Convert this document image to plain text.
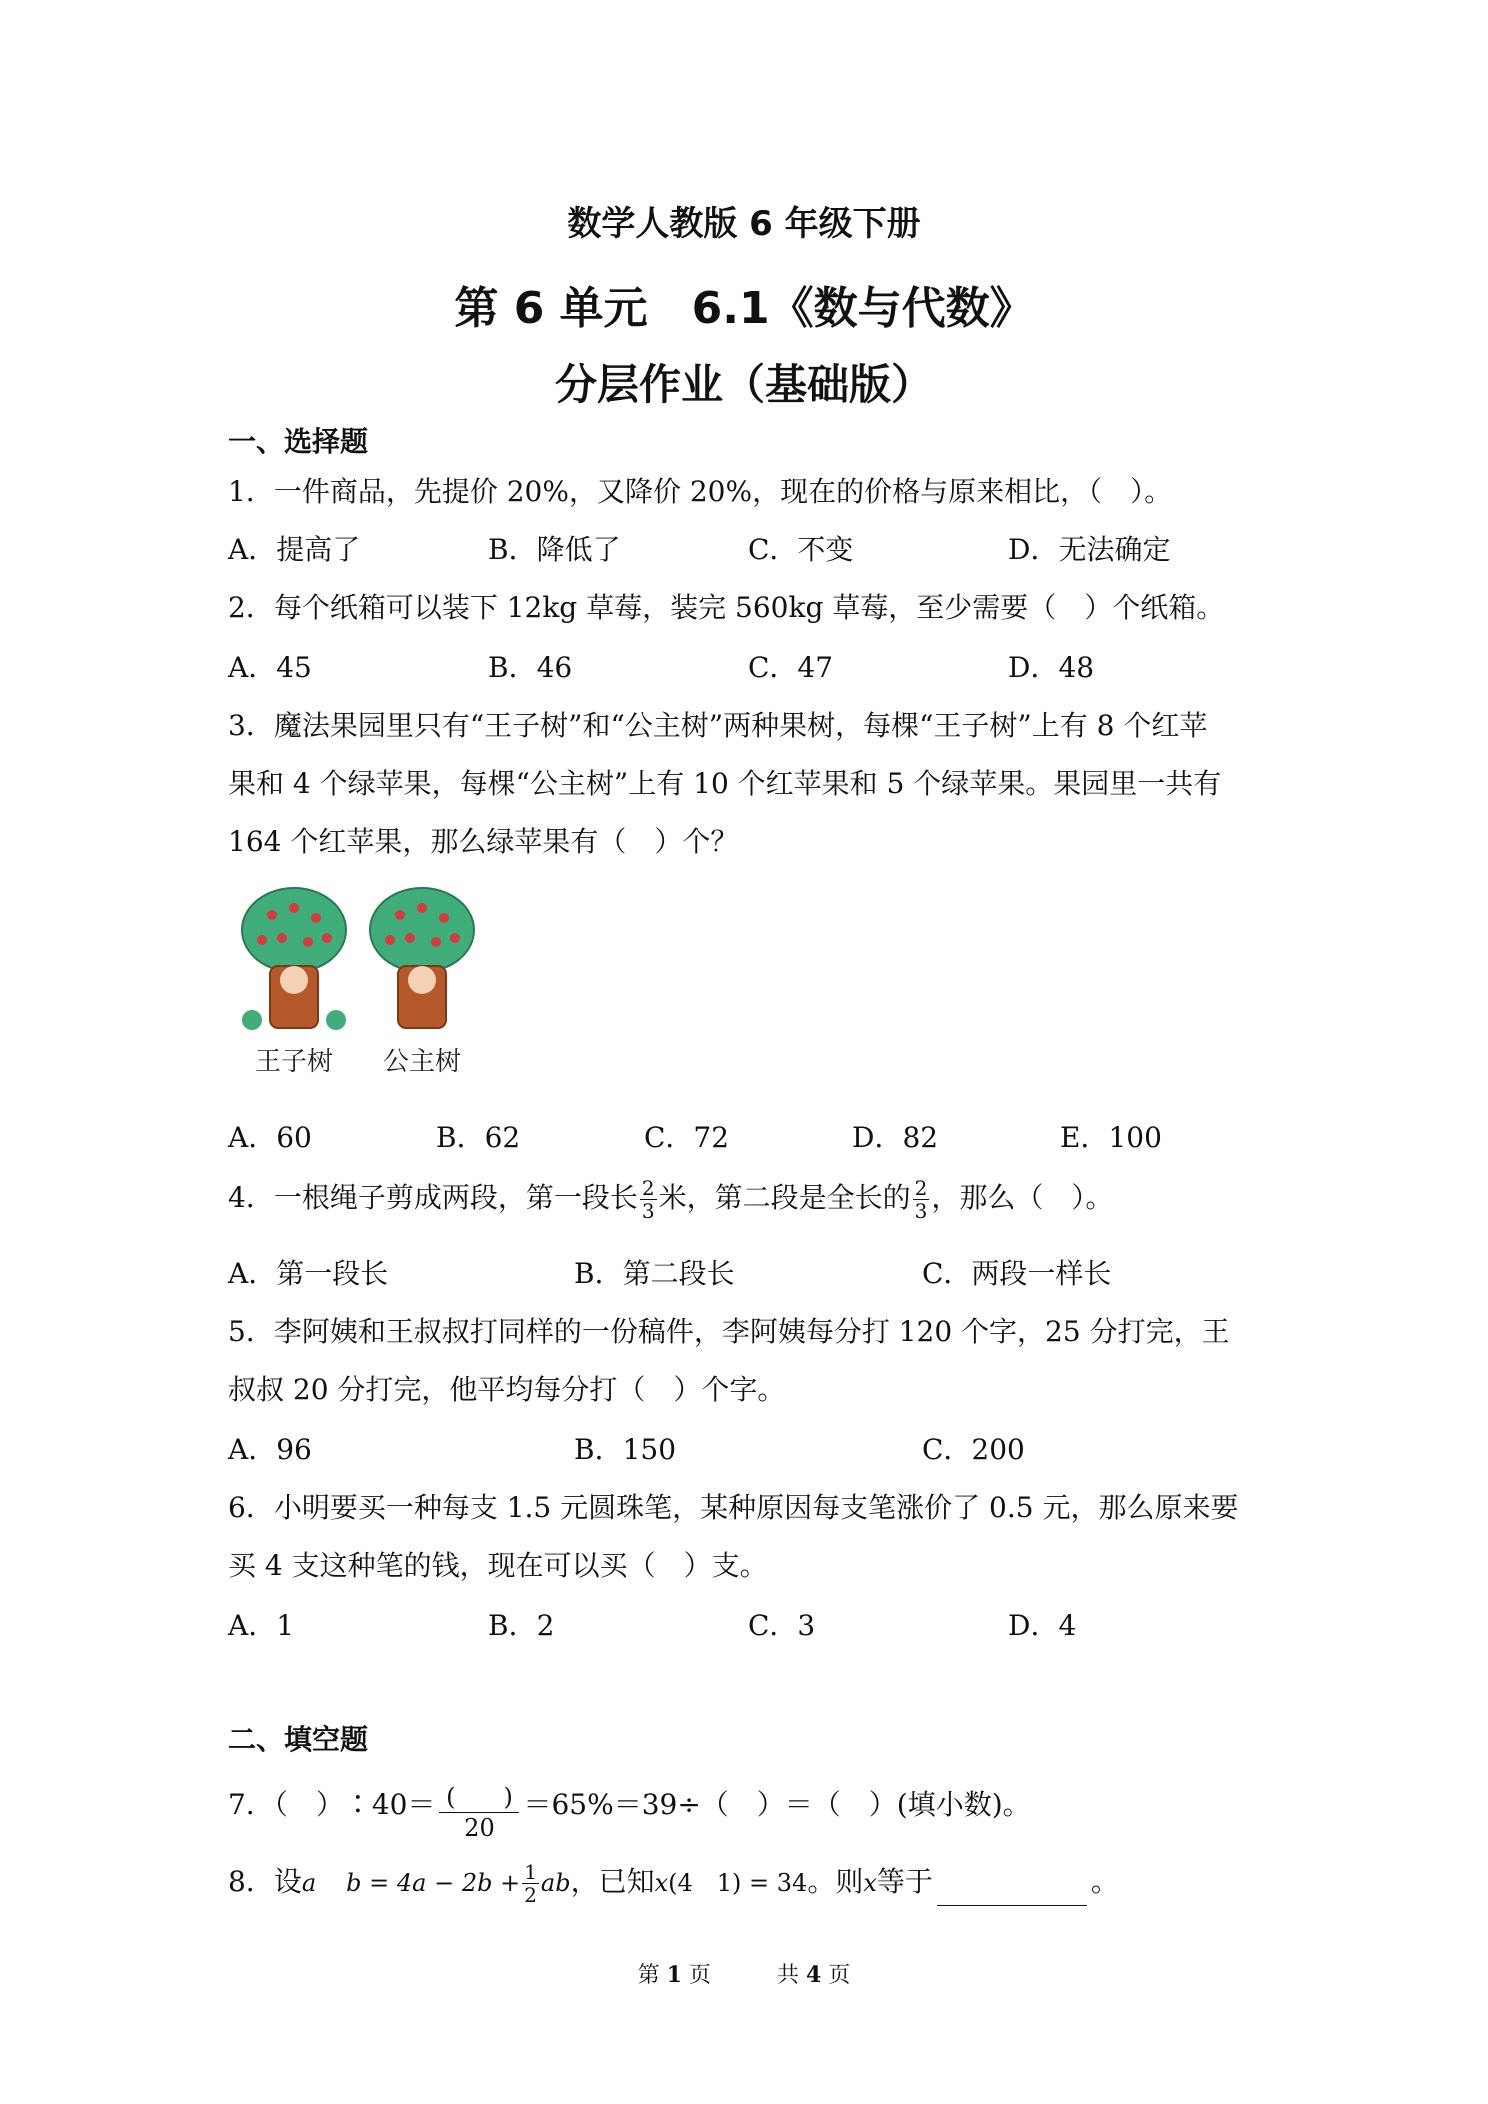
数学人教版 6 年级下册
第 6 单元　6.1《数与代数》
分层作业（基础版）
一、选择题
1．一件商品，先提价 20%，又降价 20%，现在的价格与原来相比，（　）。
A．提高了	B．降低了	C．不变	D．无法确定
2．每个纸箱可以装下 12kg 草莓，装完 560kg 草莓，至少需要（　）个纸箱。
A．45	B．46	C．47	D．48
3．魔法果园里只有“王子树”和“公主树”两种果树，每棵“王子树”上有 8 个红苹
果和 4 个绿苹果，每棵“公主树”上有 10 个红苹果和 5 个绿苹果。果园里一共有
164 个红苹果，那么绿苹果有（　）个？
王子树 公主树
A．60	B．62	C．72	D．82	E．100
4．一根绳子剪成两段，第一段长 $\frac{2}{3}$ 米，第二段是全长的 $\frac{2}{3}$ ，那么（　）。
A．第一段长	B．第二段长	C．两段一样长
5．李阿姨和王叔叔打同样的一份稿件，李阿姨每分打 120 个字，25 分打完，王
叔叔 20 分打完，他平均每分打（　）个字。
A．96	B．150	C．200
6．小明要买一种每支 1.5 元圆珠笔，某种原因每支笔涨价了 0.5 元，那么原来要
买 4 支这种笔的钱，现在可以买（　）支。
A．1	B．2	C．3	D．4
二、填空题
7．（　）∶40＝ $\frac{( )}{20} =65\%=39\div$（　）＝（　）(填小数)。
8．设a $b = 4a - 2b + \frac{1}{2}$ ab，已知x(4　1) = 34。则x等于	。
第 1 页　　　共 4 页
